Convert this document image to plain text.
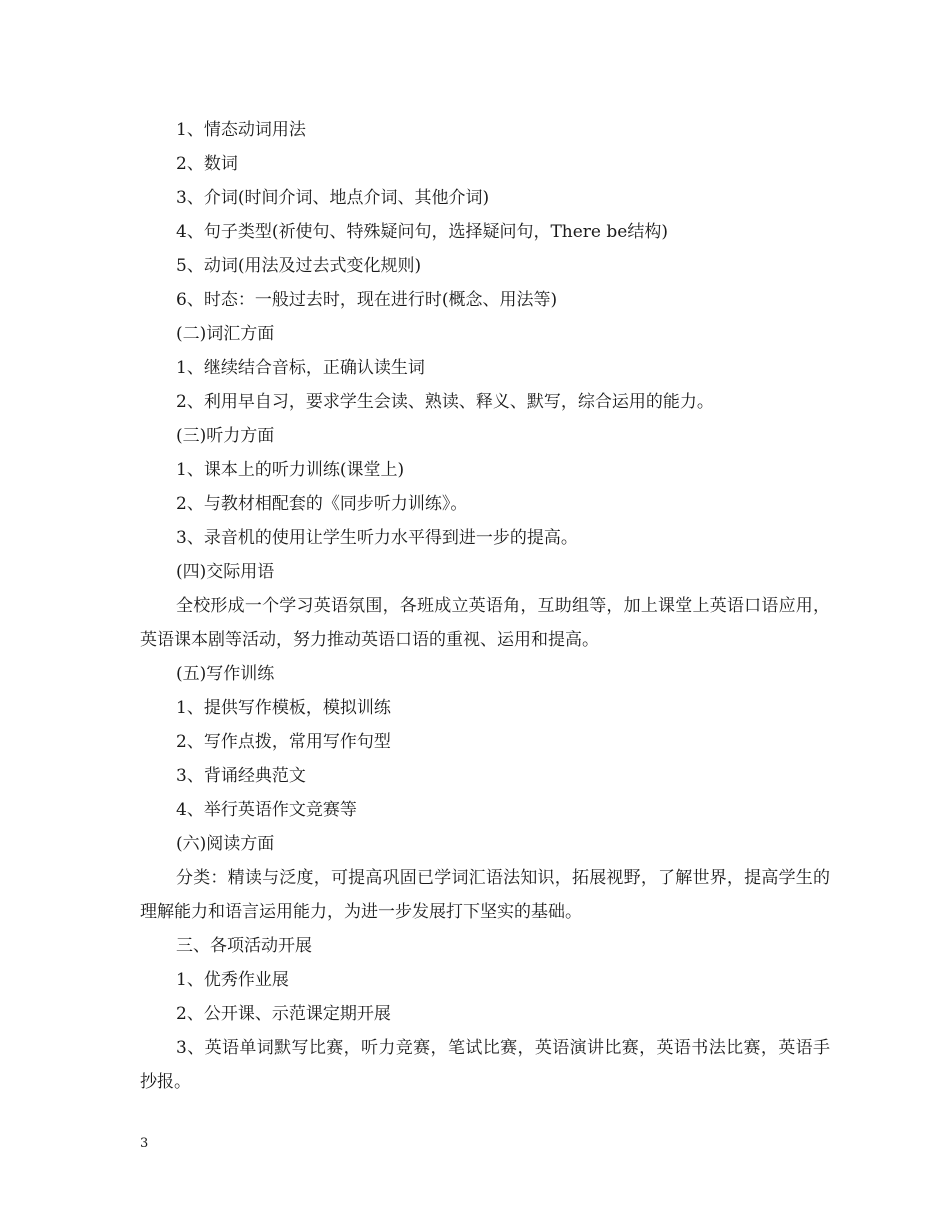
1、情态动词用法
2、数词
3、介词(时间介词、地点介词、其他介词)
4、句子类型(祈使句、特殊疑问句，选择疑问句，There be结构)
5、动词(用法及过去式变化规则)
6、时态：一般过去时，现在进行时(概念、用法等)
(二)词汇方面
1、继续结合音标，正确认读生词
2、利用早自习，要求学生会读、熟读、释义、默写，综合运用的能力。
(三)听力方面
1、课本上的听力训练(课堂上)
2、与教材相配套的《同步听力训练》。
3、录音机的使用让学生听力水平得到进一步的提高。
(四)交际用语
全校形成一个学习英语氛围，各班成立英语角，互助组等，加上课堂上英语口语应用，英语课本剧等活动，努力推动英语口语的重视、运用和提高。
(五)写作训练
1、提供写作模板，模拟训练
2、写作点拨，常用写作句型
3、背诵经典范文
4、举行英语作文竞赛等
(六)阅读方面
分类：精读与泛度，可提高巩固已学词汇语法知识，拓展视野，了解世界，提高学生的理解能力和语言运用能力，为进一步发展打下坚实的基础。
三、各项活动开展
1、优秀作业展
2、公开课、示范课定期开展
3、英语单词默写比赛，听力竞赛，笔试比赛，英语演讲比赛，英语书法比赛，英语手抄报。
3
